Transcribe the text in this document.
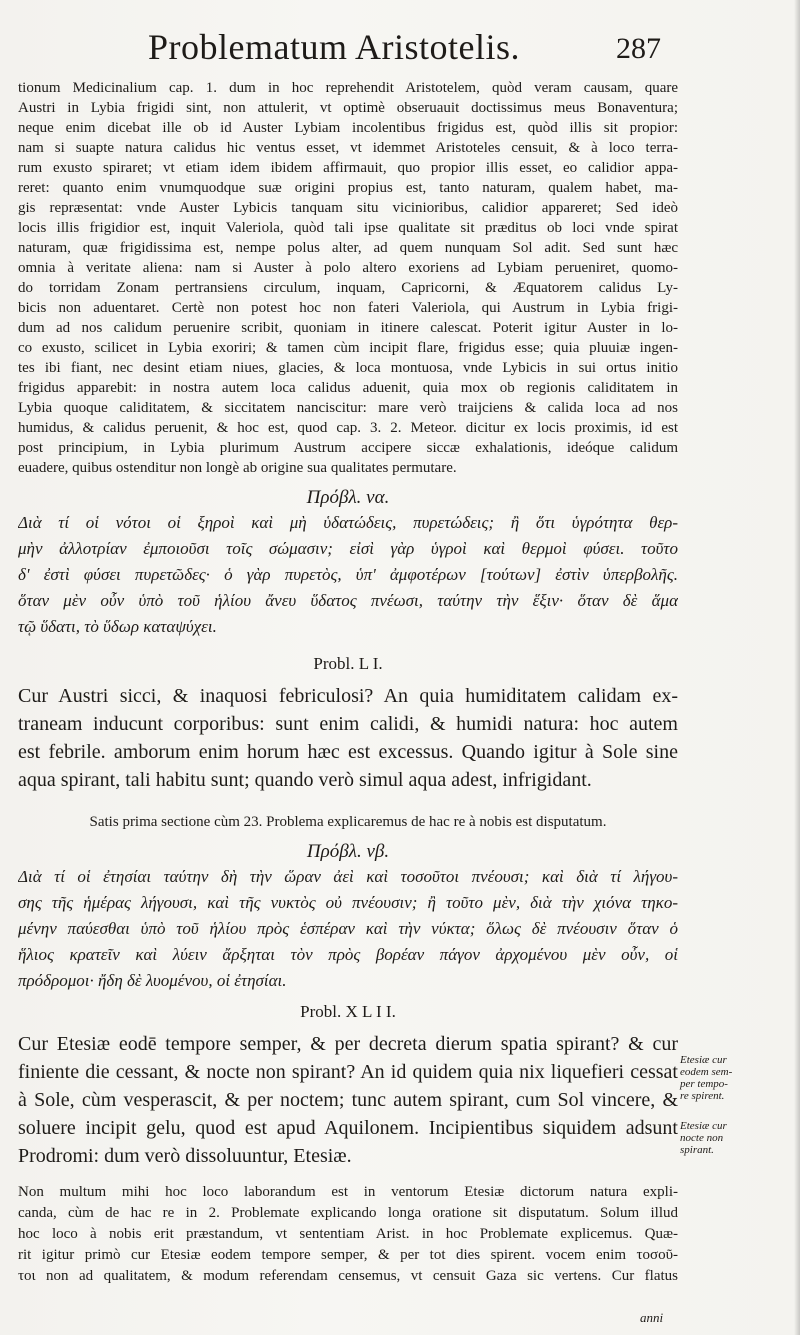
Problematum Aristotelis.	287
tionum Medicinalium cap. 1. dum in hoc reprehendit Aristotelem, quòd veram causam, quare
Austri in Lybia frigidi sint, non attulerit, vt optimè obseruauit doctissimus meus Bonaventura;
neque enim dicebat ille ob id Auster Lybiam incolentibus frigidus est, quòd illis sit propior:
nam si suapte natura calidus hic ventus esset, vt idemmet Aristoteles censuit, & à loco terra-
rum exusto spiraret; vt etiam idem ibidem affirmauit, quo propior illis esset, eo calidior appa-
reret: quanto enim vnumquodque suæ origini propius est, tanto naturam, qualem habet, ma-
gis repræsentat: vnde Auster Lybicis tanquam situ vicinioribus, calidior appareret; Sed ideò
locis illis frigidior est, inquit Valeriola, quòd tali ipse qualitate sit præditus ob loci vnde spirat
naturam, quæ frigidissima est, nempe polus alter, ad quem nunquam Sol adit. Sed sunt hæc
omnia à veritate aliena: nam si Auster à polo altero exoriens ad Lybiam perueniret, quomo-
do torridam Zonam pertransiens circulum, inquam, Capricorni, & Æquatorem calidus Ly-
bicis non aduentaret. Certè non potest hoc non fateri Valeriola, qui Austrum in Lybia frigi-
dum ad nos calidum peruenire scribit, quoniam in itinere calescat. Poterit igitur Auster in lo-
co exusto, scilicet in Lybia exoriri; & tamen cùm incipit flare, frigidus esse; quia pluuiæ ingen-
tes ibi fiant, nec desint etiam niues, glacies, & loca montuosa, vnde Lybicis in sui ortus initio
frigidus apparebit: in nostra autem loca calidus aduenit, quia mox ob regionis caliditatem in
Lybia quoque caliditatem, & siccitatem nanciscitur: mare verò traijciens & calida loca ad nos
humidus, & calidus peruenit, & hoc est, quod cap. 3. 2. Meteor. dicitur ex locis proximis, id est
post principium, in Lybia plurimum Austrum accipere siccæ exhalationis, ideóque calidum
euadere, quibus ostenditur non longè ab origine sua qualitates permutare.
Πρόβλ. να.
Διὰ τί οἱ νότοι οἱ ξηροὶ καὶ μὴ ὑδατώδεις, πυρετώδεις; ἢ ὅτι ὑγρότητα θερ-
μὴν ἀλλοτρίαν ἐμποιοῦσι τοῖς σώμασιν; εἰσὶ γὰρ ὑγροὶ καὶ θερμοὶ φύσει. τοῦτο
δ' ἐστὶ φύσει πυρετῶδες· ὁ γὰρ πυρετὸς, ὑπ' ἀμφοτέρων [τούτων] ἐστὶν ὑπερβολῆς.
ὅταν μὲν οὖν ὑπὸ τοῦ ἡλίου ἄνευ ὕδατος πνέωσι, ταύτην τὴν ἕξιν· ὅταν δὲ ἅμα
τῷ ὕδατι, τὸ ὕδωρ καταψύχει.
Probl. L I.
Cur Austri sicci, & inaquosi febriculosi? An quia humiditatem calidam ex-
traneam inducunt corporibus: sunt enim calidi, & humidi natura: hoc autem
est febrile. amborum enim horum hæc est excessus. Quando igitur à Sole sine
aqua spirant, tali habitu sunt; quando verò simul aqua adest, infrigidant.
Satis prima sectione cùm 23. Problema explicaremus de hac re à nobis est disputatum.
Πρόβλ. νβ.
Διὰ τί οἱ ἐτησίαι ταύτην δὴ τὴν ὥραν ἀεὶ καὶ τοσοῦτοι πνέουσι; καὶ διὰ τί λήγου-
σης τῆς ἡμέρας λήγουσι, καὶ τῆς νυκτὸς οὐ πνέουσιν; ἢ τοῦτο μὲν, διὰ τὴν χιόνα τηκο-
μένην παύεσθαι ὑπὸ τοῦ ἡλίου πρὸς ἑσπέραν καὶ τὴν νύκτα; ὅλως δὲ πνέουσιν ὅταν ὁ
ἥλιος κρατεῖν καὶ λύειν ἄρξηται τὸν πρὸς βορέαν πάγον ἀρχομένου μὲν οὖν, οἱ
πρόδρομοι· ἤδη δὲ λυομένου, οἱ ἐτησίαι.
Probl. X L I I.
Cur Etesiæ eodē tempore semper, & per decreta dierum spatia spirant? & cur
finiente die cessant, & nocte non spirant? An id quidem quia nix liquefieri cessat
à Sole, cùm vesperascit, & per noctem; tunc autem spirant, cum Sol vincere, &
soluere incipit gelu, quod est apud Aquilonem. Incipientibus siquidem adsunt
Prodromi: dum verò dissoluuntur, Etesiæ.
Non multum mihi hoc loco laborandum est in ventorum Etesiæ dictorum natura expli-
canda, cùm de hac re in 2. Problemate explicando longa oratione sit disputatum. Solum illud
hoc loco à nobis erit præstandum, vt sententiam Arist. in hoc Problemate explicemus. Quæ-
rit igitur primò cur Etesiæ eodem tempore semper, & per tot dies spirent. vocem enim τοσοῦ-
τοι non ad qualitatem, & modum referendam censemus, vt censuit Gaza sic vertens. Cur flatus
anni
Etesiæ cur
eodem sem-
per tempo-
re spirent.
Etesiæ cur
nocte non
spirant.
